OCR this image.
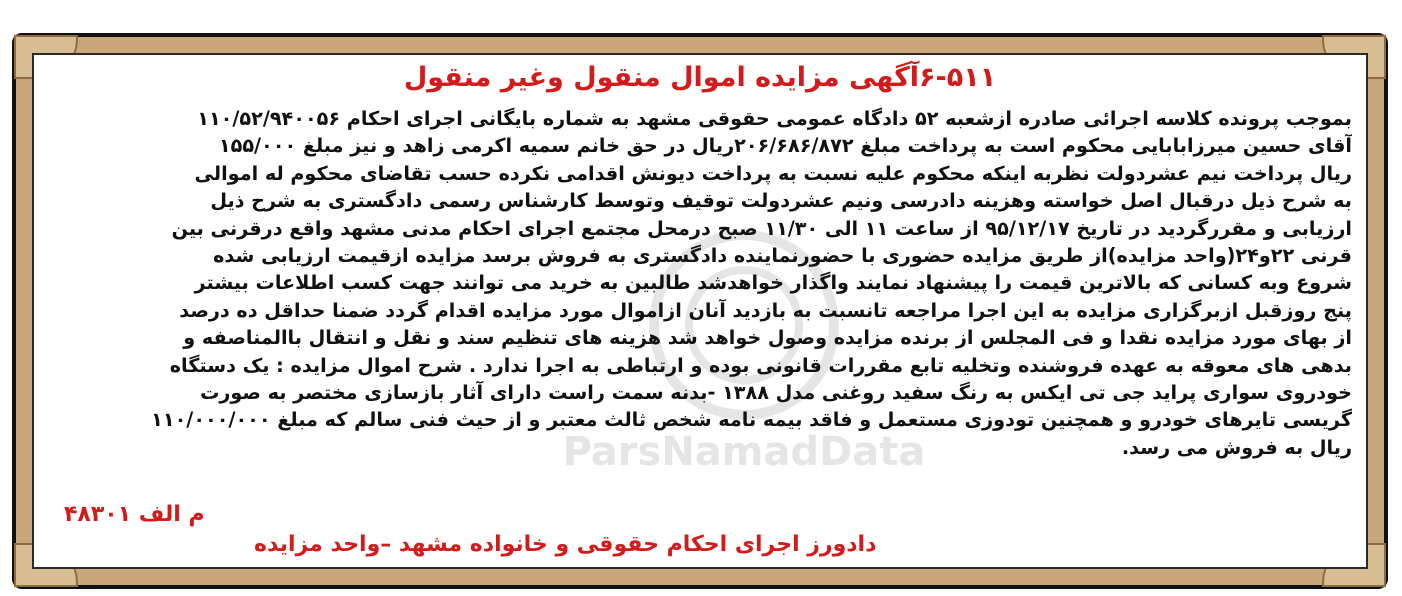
ParsNamadData
۶-۵۱۱آگهی مزایده اموال منقول وغیر منقول
بموجب پرونده کلاسه اجرائی صادره ازشعبه ۵۲ دادگاه عمومی حقوقی مشهد به شماره بایگانی اجرای احکام ۱۱۰/۵۲/۹۴۰۰۵۶
آقای حسین میرزابابایی محکوم است به پرداخت مبلغ ۲۰۶/۶۸۶/۸۷۲ریال در حق خانم سمیه اکرمی زاهد و نیز مبلغ ۱۵۵/۰۰۰
ریال پرداخت نیم عشردولت نظربه اینکه محکوم علیه نسبت به پرداخت دیونش اقدامی نکرده حسب تقاضای محکوم له اموالی
به شرح ذیل درقبال اصل خواسته وهزینه دادرسی ونیم عشردولت توقیف وتوسط کارشناس رسمی دادگستری به شرح ذیل
ارزیابی و مقررگردید در تاریخ ۹۵/۱۲/۱۷ از ساعت ۱۱ الی ۱۱/۳۰ صبح درمحل مجتمع اجرای احکام مدنی مشهد واقع درقرنی بین
قرنی ۲۲و۲۴(واحد مزایده)از طریق مزایده حضوری با حضورنماینده دادگستری به فروش برسد مزایده ازقیمت ارزیابی شده
شروع وبه کسانی که بالاترین قیمت را پیشنهاد نمایند واگذار خواهدشد طالبین به خرید می توانند جهت کسب اطلاعات بیشتر
پنج روزقبل ازبرگزاری مزایده به این اجرا مراجعه تانسبت به بازدید آنان ازاموال مورد مزایده اقدام گردد ضمنا حداقل ده درصد
از بهای مورد مزایده نقدا و فی المجلس از برنده مزایده وصول خواهد شد هزینه های تنظیم سند و نقل و انتقال باالمناصفه و
بدهی های معوقه به عهده فروشنده وتخلیه تابع مقررات قانونی بوده و ارتباطی به اجرا ندارد . شرح اموال مزایده : یک دستگاه
خودروی سواری پراید جی تی ایکس به رنگ سفید روغنی مدل ۱۳۸۸ -بدنه سمت راست دارای آثار بازسازی مختصر به صورت
گریسی تایرهای خودرو و همچنین تودوزی مستعمل و فاقد بیمه نامه شخص ثالث معتبر و از حیث فنی سالم که مبلغ ۱۱۰/۰۰۰/۰۰۰
ریال به فروش می رسد.
م الف ۴۸۳۰۱
دادورز اجرای احکام حقوقی و خانواده مشهد –واحد مزایده
